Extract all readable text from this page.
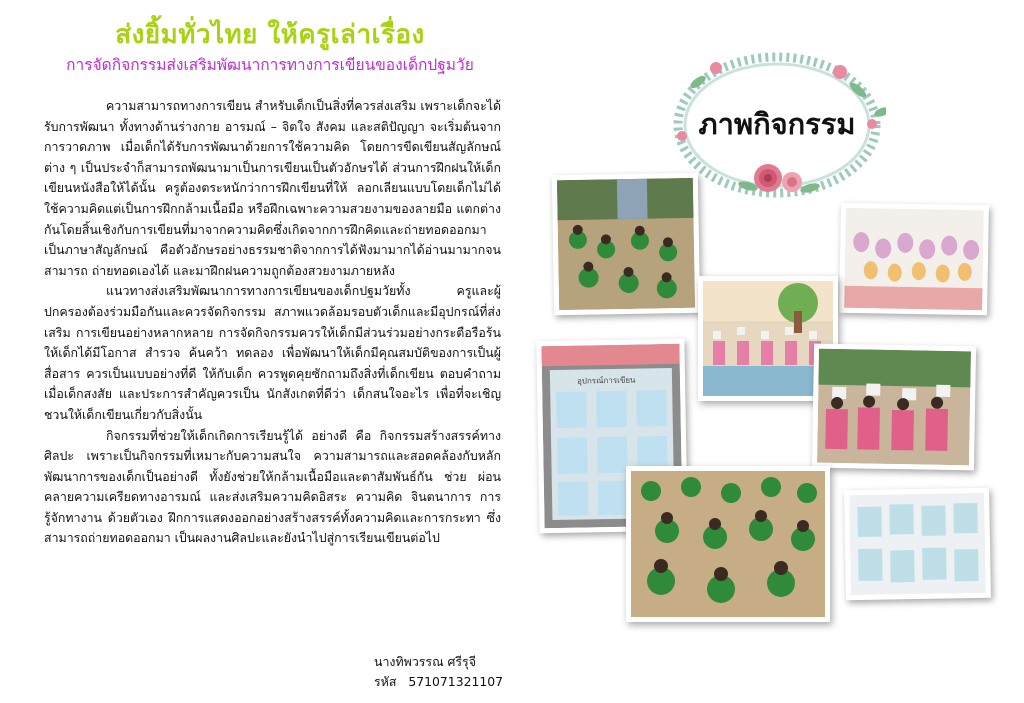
ส่งยิ้มทั่วไทย ให้ครูเล่าเรื่อง
การจัดกิจกรรมส่งเสริมพัฒนาการทางการเขียนของเด็กปฐมวัย

ความสามารถทางการเขียน สำหรับเด็กเป็นสิ่งที่ควรส่งเสริม เพราะเด็กจะได้รับการพัฒนา ทั้งทางด้านร่างกาย อารมณ์ – จิตใจ สังคม และสติปัญญา จะเริ่มต้นจากการวาดภาพ เมื่อเด็กได้รับการพัฒนาด้วยการใช้ความคิด โดยการขีดเขียนสัญลักษณ์ต่าง ๆ เป็นประจำก็สามารถพัฒนามาเป็นการเขียนเป็นตัวอักษรได้ ส่วนการฝึกฝนให้เด็กเขียนหนังสือให้ได้นั้น ครูต้องตระหนักว่าการฝึกเขียนที่ให้ ลอกเลียนแบบโดยเด็กไม่ได้ใช้ความคิดแต่เป็นการฝึกกล้ามเนื้อมือ หรือฝึกเฉพาะความสวยงามของลายมือ แตกต่างกันโดยสิ้นเชิงกับการเขียนที่มาจากความคิดซึ่งเกิดจากการฝึกคิดและถ่ายทอดออกมา เป็นภาษาสัญลักษณ์ คือตัวอักษรอย่างธรรมชาติจากการได้ฟังมามากได้อ่านมามากจนสามารถ ถ่ายทอดเองได้ และมาฝึกฝนความถูกต้องสวยงามภายหลัง

แนวทางส่งเสริมพัฒนาการทางการเขียนของเด็กปฐมวัยทั้ง ครูและผู้ปกครองต้องร่วมมือกันและควรจัดกิจกรรม สภาพแวดล้อมรอบตัวเด็กและมีอุปกรณ์ที่ส่งเสริม การเขียนอย่างหลากหลาย การจัดกิจกรรมควรให้เด็กมีส่วนร่วมอย่างกระตือรือร้น ให้เด็กได้มีโอกาส สำรวจ ค้นคว้า ทดลอง เพื่อพัฒนาให้เด็กมีคุณสมบัติของการเป็นผู้สื่อสาร ควรเป็นแบบอย่างที่ดี ให้กับเด็ก ควรพูดคุยซักถามถึงสิ่งที่เด็กเขียน ตอบคำถามเมื่อเด็กสงสัย และประการสำคัญควรเป็น นักสังเกตที่ดีว่า เด็กสนใจอะไร เพื่อที่จะเชิญชวนให้เด็กเขียนเกี่ยวกับสิ่งนั้น

กิจกรรมที่ช่วยให้เด็กเกิดการเรียนรู้ได้ อย่างดี คือ กิจกรรมสร้างสรรค์ทางศิลปะ เพราะเป็นกิจกรรมที่เหมาะกับความสนใจ ความสามารถและสอดคล้องกับหลักพัฒนาการของเด็กเป็นอย่างดี ทั้งยังช่วยให้กล้ามเนื้อมือและตาสัมพันธ์กัน ช่วย ผ่อนคลายความเครียดทางอารมณ์ และส่งเสริมความคิดอิสระ ความคิด จินตนาการ การรู้จักทางาน ด้วยตัวเอง ฝึกการแสดงออกอย่างสร้างสรรค์ทั้งความคิดและการกระทา ซึ่งสามารถถ่ายทอดออกมา เป็นผลงานศิลปะและยังนำไปสู่การเรียนเขียนต่อไป

นางทิพวรรณ ศรีรุจี
รหัส 571071321107
ภาพกิจกรรม
อุปกรณ์การเขียน
